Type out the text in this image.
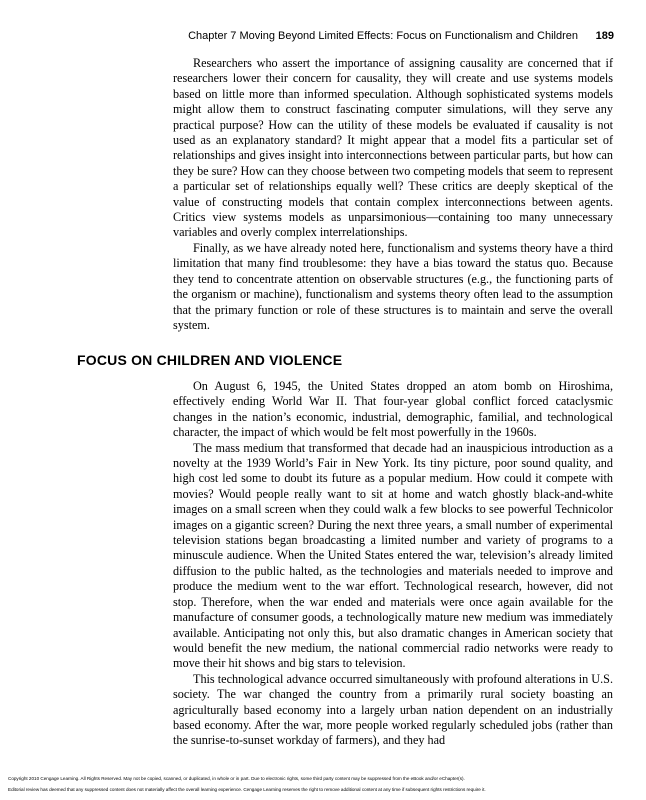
Chapter 7 Moving Beyond Limited Effects: Focus on Functionalism and Children 189

Researchers who assert the importance of assigning causality are concerned that if researchers lower their concern for causality, they will create and use systems models based on little more than informed speculation. Although sophisticated systems models might allow them to construct fascinating computer simulations, will they serve any practical purpose? How can the utility of these models be evaluated if causality is not used as an explanatory standard? It might appear that a model fits a particular set of relationships and gives insight into interconnections between particular parts, but how can they be sure? How can they choose between two competing models that seem to represent a particular set of relationships equally well? These critics are deeply skeptical of the value of constructing models that contain complex interconnections between agents. Critics view systems models as unparsimonious—containing too many unnecessary variables and overly complex interrelationships.

Finally, as we have already noted here, functionalism and systems theory have a third limitation that many find troublesome: they have a bias toward the status quo. Because they tend to concentrate attention on observable structures (e.g., the functioning parts of the organism or machine), functionalism and systems theory often lead to the assumption that the primary function or role of these structures is to maintain and serve the overall system.

FOCUS ON CHILDREN AND VIOLENCE

On August 6, 1945, the United States dropped an atom bomb on Hiroshima, effectively ending World War II. That four-year global conflict forced cataclysmic changes in the nation’s economic, industrial, demographic, familial, and technological character, the impact of which would be felt most powerfully in the 1960s.

The mass medium that transformed that decade had an inauspicious introduction as a novelty at the 1939 World’s Fair in New York. Its tiny picture, poor sound quality, and high cost led some to doubt its future as a popular medium. How could it compete with movies? Would people really want to sit at home and watch ghostly black-and-white images on a small screen when they could walk a few blocks to see powerful Technicolor images on a gigantic screen? During the next three years, a small number of experimental television stations began broadcasting a limited number and variety of programs to a minuscule audience. When the United States entered the war, television’s already limited diffusion to the public halted, as the technologies and materials needed to improve and produce the medium went to the war effort. Technological research, however, did not stop. Therefore, when the war ended and materials were once again available for the manufacture of consumer goods, a technologically mature new medium was immediately available. Anticipating not only this, but also dramatic changes in American society that would benefit the new medium, the national commercial radio networks were ready to move their hit shows and big stars to television.

This technological advance occurred simultaneously with profound alterations in U.S. society. The war changed the country from a primarily rural society boasting an agriculturally based economy into a largely urban nation dependent on an industrially based economy. After the war, more people worked regularly scheduled jobs (rather than the sunrise-to-sunset workday of farmers), and they had

Copyright 2010 Cengage Learning. All Rights Reserved. May not be copied, scanned, or duplicated, in whole or in part. Due to electronic rights, some third party content may be suppressed from the eBook and/or eChapter(s).
Editorial review has deemed that any suppressed content does not materially affect the overall learning experience. Cengage Learning reserves the right to remove additional content at any time if subsequent rights restrictions require it.
